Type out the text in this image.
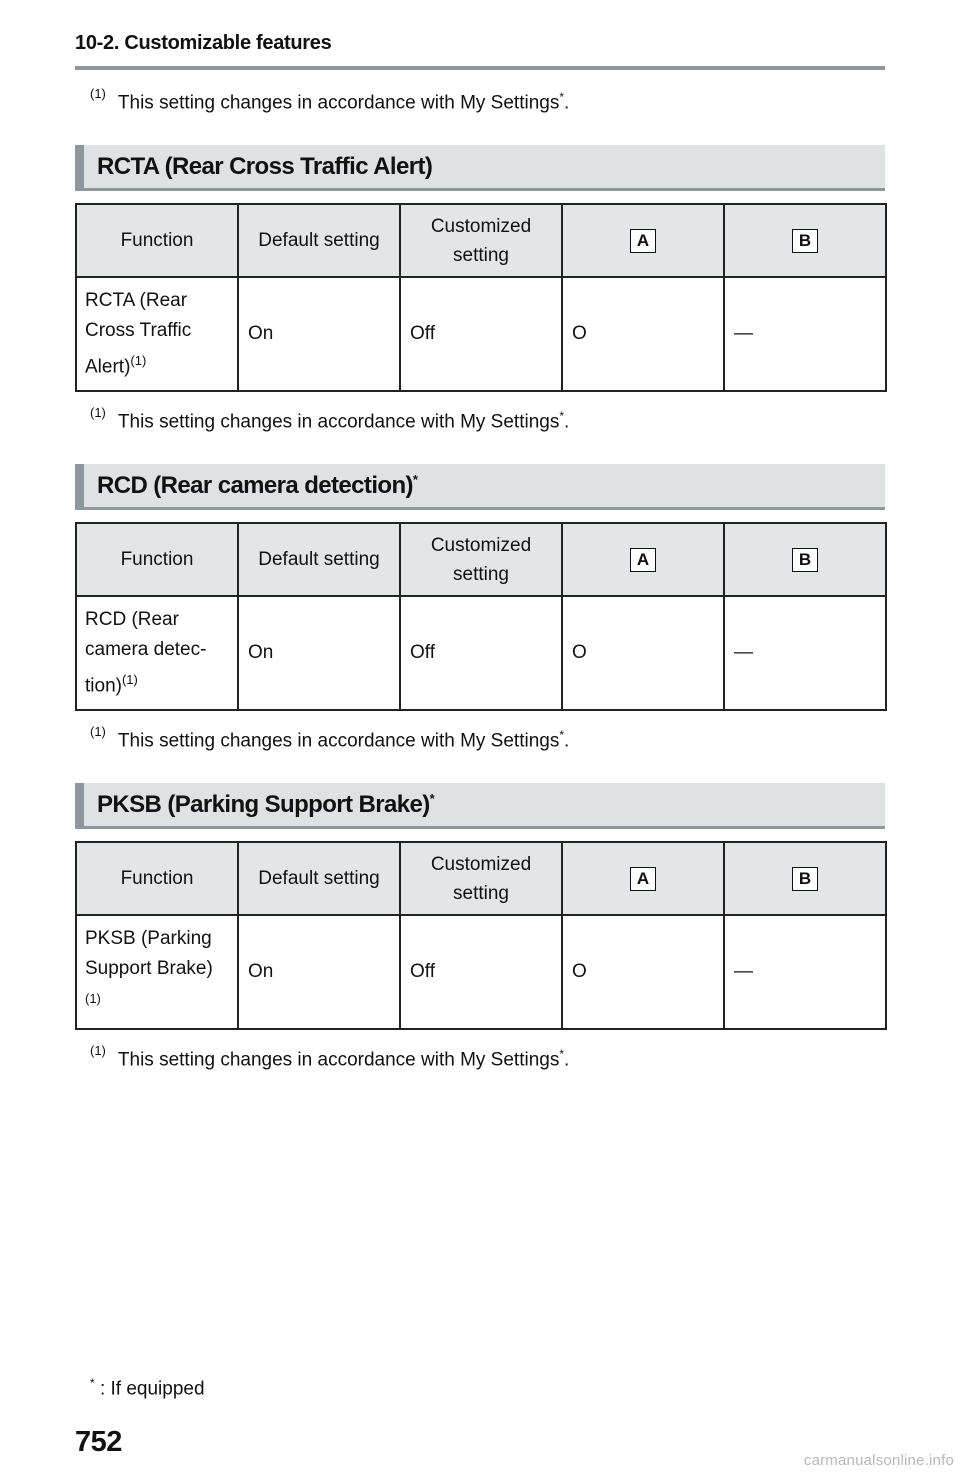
10-2. Customizable features
$^{(1)}$ This setting changes in accordance with My Settings*.
RCTA (Rear Cross Traffic Alert)
Function	Default setting	Customized setting	A	B
RCTA (Rear
Cross Traffic
Alert)$^{(1)}$	On	Off	O	—
$^{(1)}$ This setting changes in accordance with My Settings*.
RCD (Rear camera detection)*
Function	Default setting	Customized setting	A	B
RCD (Rear
camera detec-
tion)$^{(1)}$	On	Off	O	—
$^{(1)}$ This setting changes in accordance with My Settings*.
PKSB (Parking Support Brake)*
Function	Default setting	Customized setting	A	B
PKSB (Parking
Support Brake)
$^{(1)}$	On	Off	O	—
$^{(1)}$ This setting changes in accordance with My Settings*.
* : If equipped
752
carmanualsonline.info
